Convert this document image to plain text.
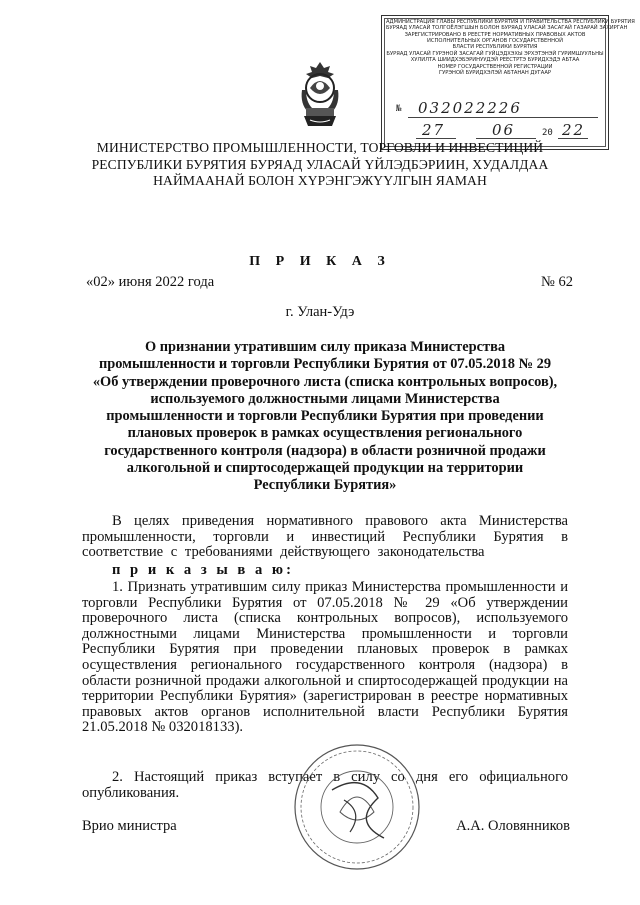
АДМИНИСТРАЦИЯ ГЛАВЫ РЕСПУБЛИКИ БУРЯТИЯ И ПРАВИТЕЛЬСТВА РЕСПУБЛИКИ БУРЯТИЯ
БУРЯАД УЛАСАЙ ТОЛГОЁЛЭГШЫН БОЛОН БУРЯАД УЛАСАЙ ЗАСАГАЙ ГАЗАРАЙ ЗАХИРГАН
ЗАРЕГИСТРИРОВАНО В РЕЕСТРЕ НОРМАТИВНЫХ ПРАВОВЫХ АКТОВ
ИСПОЛНИТЕЛЬНЫХ ОРГАНОВ ГОСУДАРСТВЕННОЙ
ВЛАСТИ РЕСПУБЛИКИ БУРЯТИЯ
БУРЯАД УЛАСАЙ ГУРЭНОЙ ЗАСАГАЙ ГУЙЦЭДХЭХЫ ЭРХЭТЭНЭЙ ГУРИМШУУЛЬНЫ
ХУЛИЛТА ШИИДХЭБЭРИНУУДЭЙ РЕЕСТРТЭ БУРИДХЭДЭ АБТАА
НОМЕР ГОСУДАРСТВЕННОЙ РЕГИСТРАЦИИ
ГУРЭНОЙ БУРИДХЭЛЭЙ АБТАНАН ДУГААР
№ 032022226
27	06	20 22
МИНИСТЕРСТВО ПРОМЫШЛЕННОСТИ, ТОРГОВЛИ И ИНВЕСТИЦИЙ
РЕСПУБЛИКИ БУРЯТИЯ БУРЯАД УЛАСАЙ ҮЙЛЭДБЭРИИН, ХУДАЛДАА
НАЙМААНАЙ БОЛОН ХҮРЭНГЭЖҮҮЛГЫН ЯАМАН
П Р И К А З
«02» июня 2022 года	№ 62
г. Улан-Удэ
О признании утратившим силу приказа Министерства
промышленности и торговли Республики Бурятия от 07.05.2018 № 29
«Об утверждении проверочного листа (списка контрольных вопросов),
используемого должностными лицами Министерства
промышленности и торговли Республики Бурятия при проведении
плановых проверок в рамках осуществления регионального
государственного контроля (надзора) в области розничной продажи
алкогольной и спиртосодержащей продукции на территории
Республики Бурятия»
В целях приведения нормативного правового акта Министерства промышленности, торговли и инвестиций Республики Бурятия в соответствие с требованиями действующего законодательства
п р и к а з ы в а ю:
1. Признать утратившим силу приказ Министерства промышленности и торговли Республики Бурятия от 07.05.2018 № 29 «Об утверждении проверочного листа (списка контрольных вопросов), используемого должностными лицами Министерства промышленности и торговли Республики Бурятия при проведении плановых проверок в рамках осуществления регионального государственного контроля (надзора) в области розничной продажи алкогольной и спиртосодержащей продукции на территории Республики Бурятия» (зарегистрирован в реестре нормативных правовых актов органов исполнительной власти Республики Бурятия 21.05.2018 № 032018133).
2. Настоящий приказ вступает в силу со дня его официального опубликования.
Врио министра	А.А. Оловянников
